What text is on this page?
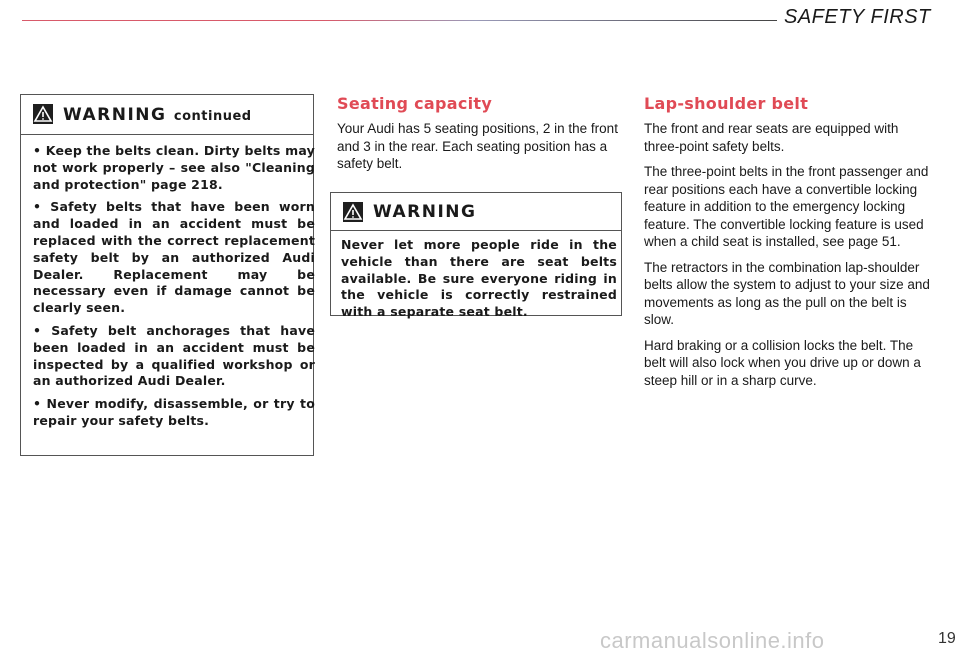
SAFETY FIRST
WARNING continued

• Keep the belts clean. Dirty belts may not work properly – see also "Cleaning and protection" page 218.

• Safety belts that have been worn and loaded in an accident must be replaced with the correct replacement safety belt by an authorized Audi Dealer. Replacement may be necessary even if damage cannot be clearly seen.

• Safety belt anchorages that have been loaded in an accident must be inspected by a qualified workshop or an authorized Audi Dealer.

• Never modify, disassemble, or try to repair your safety belts.

Seating capacity

Your Audi has 5 seating positions, 2 in the front and 3 in the rear. Each seating position has a safety belt.

WARNING
Never let more people ride in the vehicle than there are seat belts available. Be sure everyone riding in the vehicle is correctly restrained with a separate seat belt.
Lap-shoulder belt

The front and rear seats are equipped with three-point safety belts.

The three-point belts in the front passenger and rear positions each have a convertible locking feature in addition to the emergency locking feature. The convertible locking feature is used when a child seat is installed, see page 51.

The retractors in the combination lap-shoulder belts allow the system to adjust to your size and movements as long as the pull on the belt is slow.

Hard braking or a collision locks the belt. The belt will also lock when you drive up or down a steep hill or in a sharp curve.

carmanualsonline.info	19
